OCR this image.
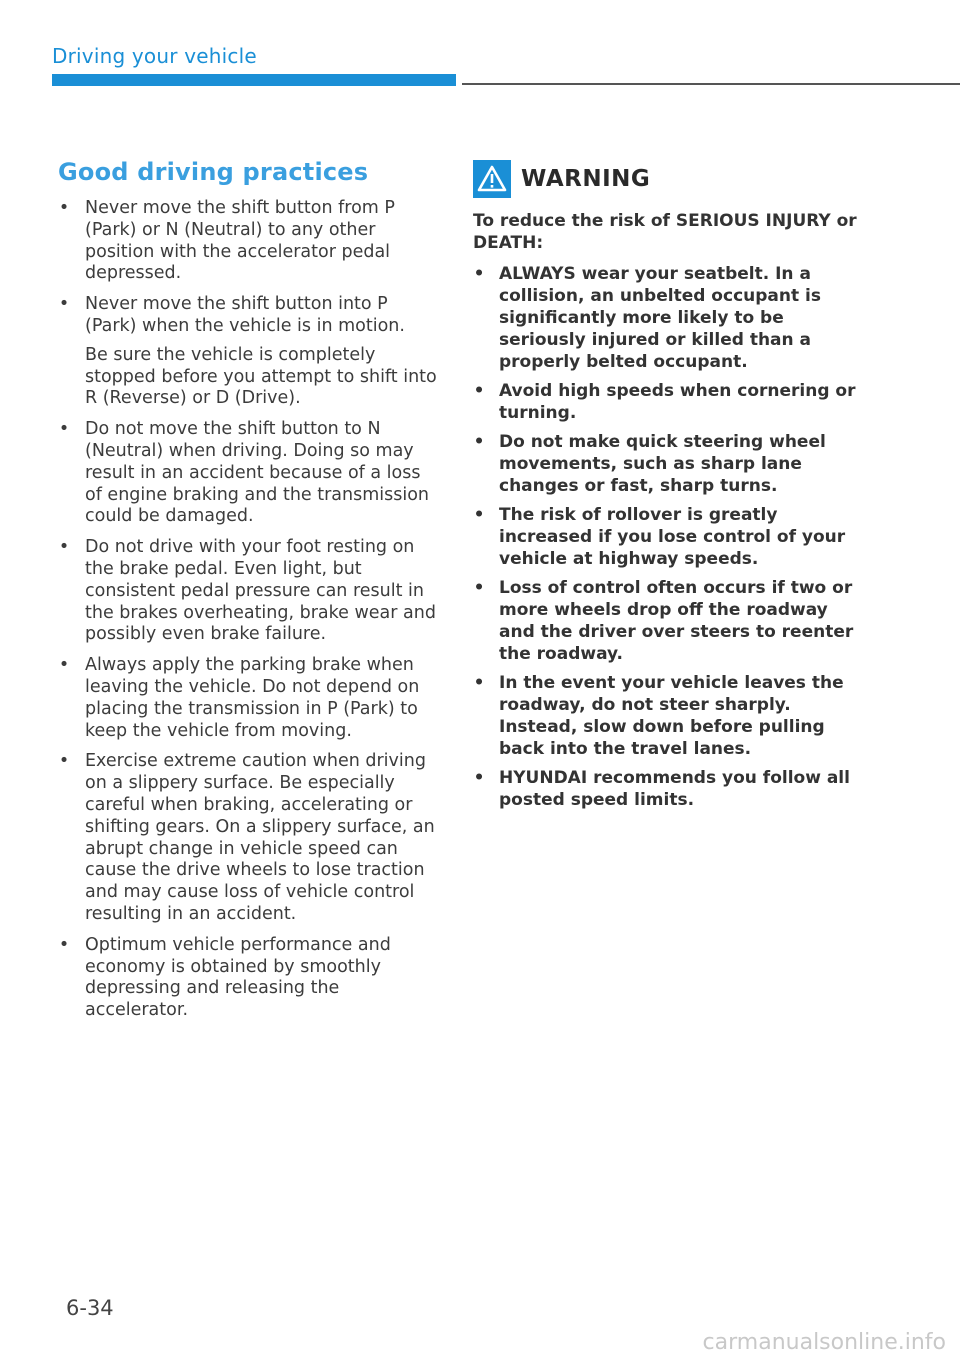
Driving your vehicle
Good driving practices
• Never move the shift button from P (Park) or N (Neutral) to any other position with the accelerator pedal depressed.
• Never move the shift button into P (Park) when the vehicle is in motion.
Be sure the vehicle is completely stopped before you attempt to shift into R (Reverse) or D (Drive).
• Do not move the shift button to N (Neutral) when driving. Doing so may result in an accident because of a loss of engine braking and the transmission could be damaged.
• Do not drive with your foot resting on the brake pedal. Even light, but consistent pedal pressure can result in the brakes overheating, brake wear and possibly even brake failure.
• Always apply the parking brake when leaving the vehicle. Do not depend on placing the transmission in P (Park) to keep the vehicle from moving.
• Exercise extreme caution when driving on a slippery surface. Be especially careful when braking, accelerating or shifting gears. On a slippery surface, an abrupt change in vehicle speed can cause the drive wheels to lose traction and may cause loss of vehicle control resulting in an accident.
• Optimum vehicle performance and economy is obtained by smoothly depressing and releasing the accelerator.
WARNING

To reduce the risk of SERIOUS INJURY or DEATH:

• ALWAYS wear your seatbelt. In a collision, an unbelted occupant is significantly more likely to be seriously injured or killed than a properly belted occupant.
• Avoid high speeds when cornering or turning.
• Do not make quick steering wheel movements, such as sharp lane changes or fast, sharp turns.
• The risk of rollover is greatly increased if you lose control of your vehicle at highway speeds.
• Loss of control often occurs if two or more wheels drop off the roadway and the driver over steers to reenter the roadway.
• In the event your vehicle leaves the roadway, do not steer sharply. Instead, slow down before pulling back into the travel lanes.
• HYUNDAI recommends you follow all posted speed limits.
6-34
carmanualsonline.info
